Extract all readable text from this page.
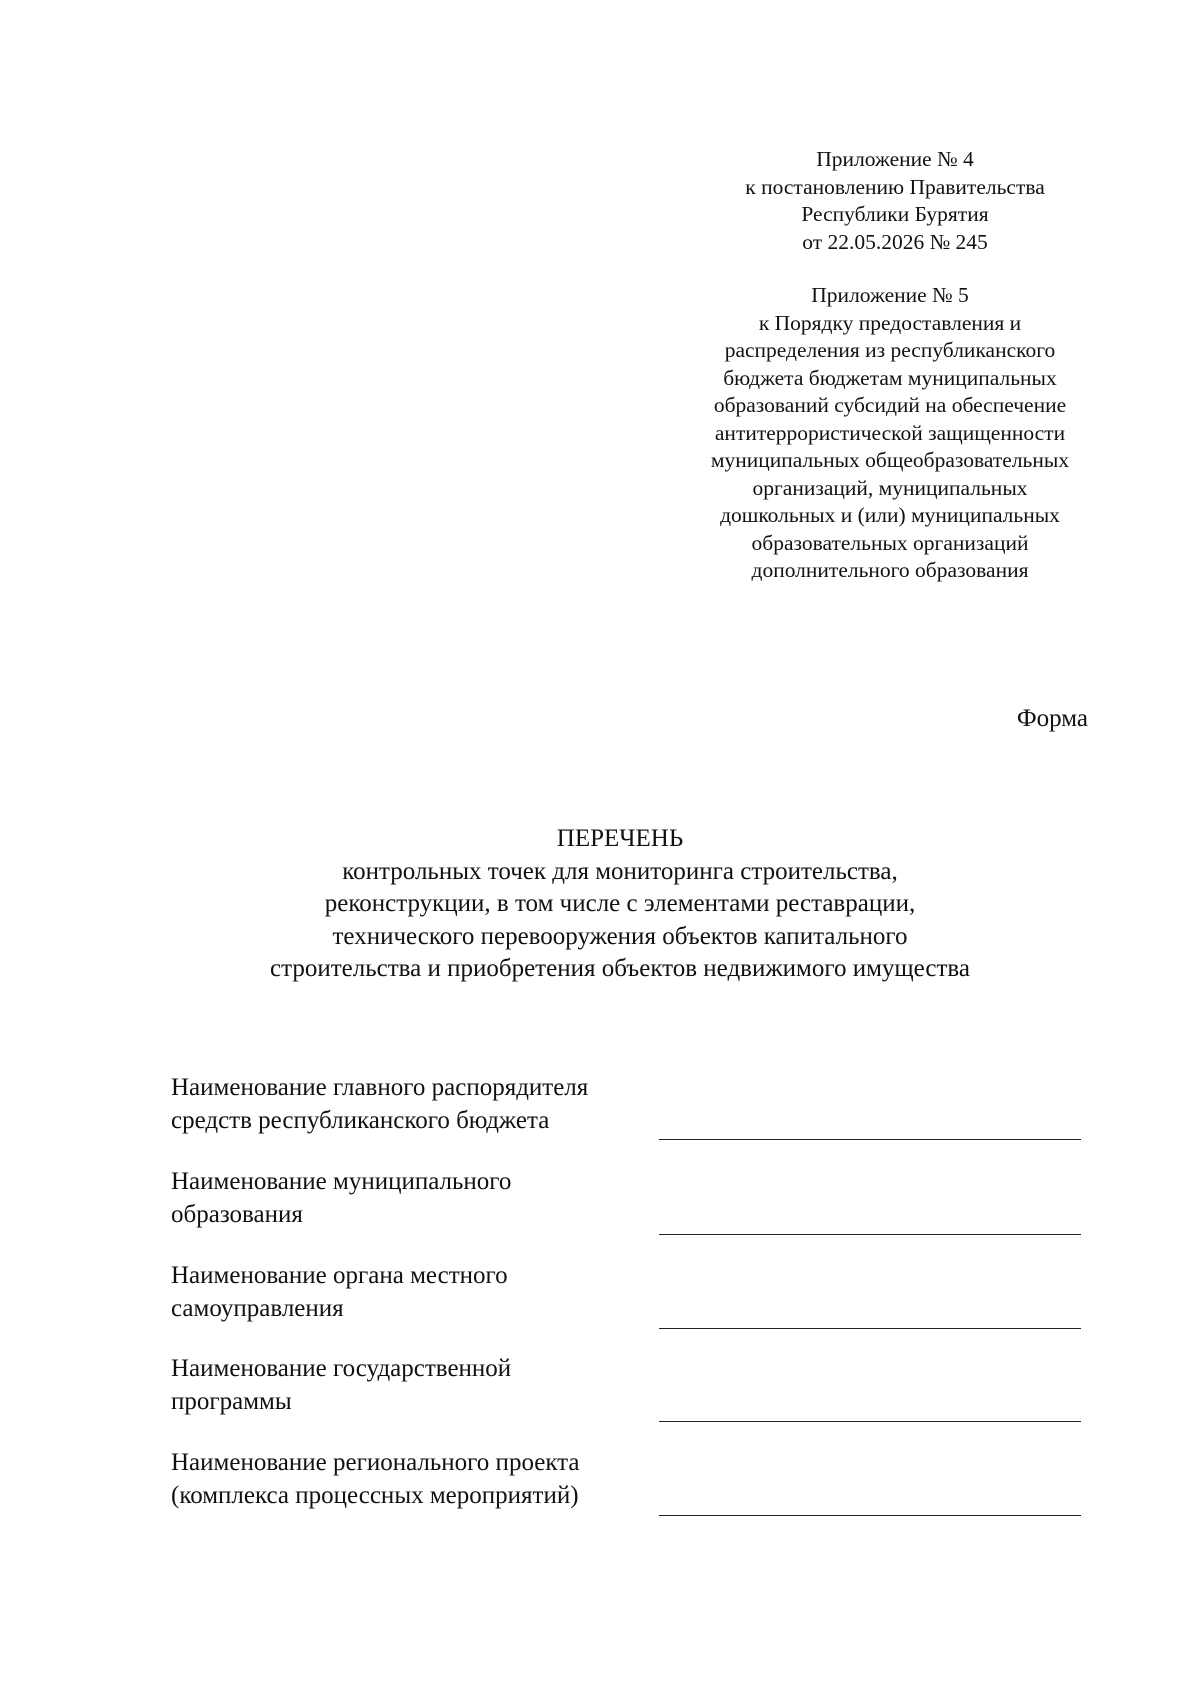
Приложение № 4
к постановлению Правительства
Республики Бурятия
от 22.05.2026 № 245
Приложение № 5
к Порядку предоставления и
распределения из республиканского
бюджета бюджетам муниципальных
образований субсидий на обеспечение
антитеррористической защищенности
муниципальных общеобразовательных
организаций, муниципальных
дошкольных и (или) муниципальных
образовательных организаций
дополнительного образования
Форма
ПЕРЕЧЕНЬ
контрольных точек для мониторинга строительства,
реконструкции, в том числе с элементами реставрации,
технического перевооружения объектов капитального
строительства и приобретения объектов недвижимого имущества
Наименование главного распорядителя
средств республиканского бюджета
Наименование муниципального
образования
Наименование органа местного
самоуправления
Наименование государственной
программы
Наименование регионального проекта
(комплекса процессных мероприятий)
